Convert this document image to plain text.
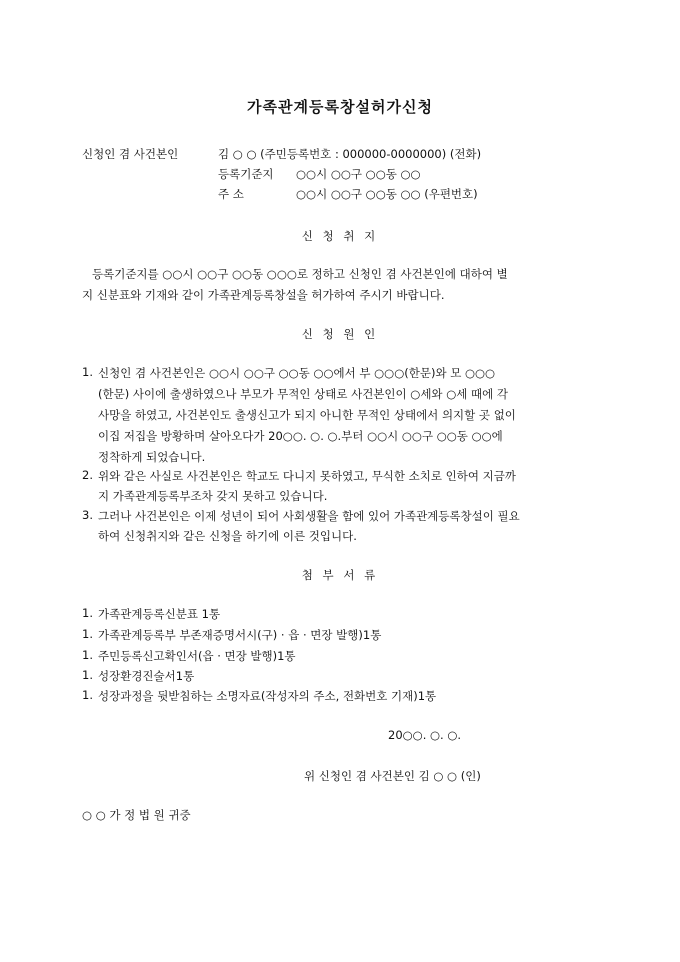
가족관계등록창설허가신청
신청인 겸 사건본인	김 ○ ○ (주민등록번호 : 000000-0000000) (전화)
등록기준지 ○○시 ○○구 ○○동 ○○
주 소	○○시 ○○구 ○○동 ○○ (우편번호)
신 청 취 지
등록기준지를 ○○시 ○○구 ○○동 ○○○로 정하고 신청인 겸 사건본인에 대하여 별
지 신분표와 기재와 같이 가족관계등록창설을 허가하여 주시기 바랍니다.
신 청 원 인
1. 신청인 겸 사건본인은 ○○시 ○○구 ○○동 ○○에서 부 ○○○(한문)와 모 ○○○
(한문) 사이에 출생하였으나 부모가 무적인 상태로 사건본인이 ○세와 ○세 때에 각
사망을 하였고, 사건본인도 출생신고가 되지 아니한 무적인 상태에서 의지할 곳 없이
이집 저집을 방황하며 살아오다가 20○○. ○. ○.부터 ○○시 ○○구 ○○동 ○○에
정착하게 되었습니다.
2. 위와 같은 사실로 사건본인은 학교도 다니지 못하였고, 무식한 소치로 인하여 지금까
지 가족관계등록부조차 갖지 못하고 있습니다.
3. 그러나 사건본인은 이제 성년이 되어 사회생활을 함에 있어 가족관계등록창설이 필요
하여 신청취지와 같은 신청을 하기에 이른 것입니다.
첨 부 서 류
1. 가족관계등록신분표 1통
1. 가족관계등록부 부존재증명서시(구) · 읍 · 면장 발행)1통
1. 주민등록신고확인서(읍 · 면장 발행)1통
1. 성장환경진술서1통
1. 성장과정을 뒷받침하는 소명자료(작성자의 주소, 전화번호 기재)1통
20○○. ○. ○.
위 신청인 겸 사건본인 김 ○ ○ (인)
○ ○ 가 정 법 원 귀중
